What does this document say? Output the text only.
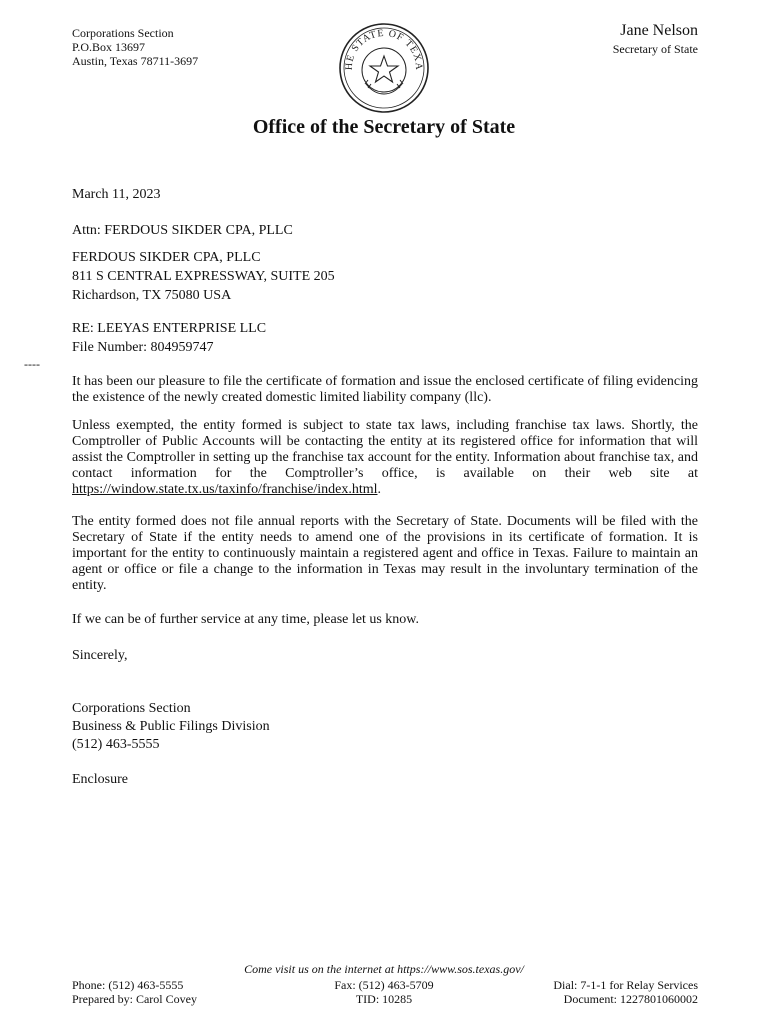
Corporations Section
P.O.Box 13697
Austin, Texas 78711-3697	HE STATE OF TEXA
Jane Nelson
Secretary of State
Office of the Secretary of State
March 11, 2023
Attn: FERDOUS SIKDER CPA, PLLC
FERDOUS SIKDER CPA, PLLC
811 S CENTRAL EXPRESSWAY, SUITE 205
Richardson, TX 75080 USA
RE: LEEYAS ENTERPRISE LLC
File Number: 804959747
----
It has been our pleasure to file the certificate of formation and issue the enclosed certificate of filing evidencing the existence of the newly created domestic limited liability company (llc).
Unless exempted, the entity formed is subject to state tax laws, including franchise tax laws. Shortly, the Comptroller of Public Accounts will be contacting the entity at its registered office for information that will assist the Comptroller in setting up the franchise tax account for the entity. Information about franchise tax, and contact information for the Comptroller’s office, is available on their web site at https://window.state.tx.us/taxinfo/franchise/index.html.
The entity formed does not file annual reports with the Secretary of State. Documents will be filed with the Secretary of State if the entity needs to amend one of the provisions in its certificate of formation. It is important for the entity to continuously maintain a registered agent and office in Texas. Failure to maintain an agent or office or file a change to the information in Texas may result in the involuntary termination of the entity.
If we can be of further service at any time, please let us know.
Sincerely,
Corporations Section
Business & Public Filings Division
(512) 463-5555
Enclosure
Come visit us on the internet at https://www.sos.texas.gov/
Phone: (512) 463-5555
Prepared by: Carol Covey
Fax: (512) 463-5709
TID: 10285
Dial: 7-1-1 for Relay Services
Document: 1227801060002
